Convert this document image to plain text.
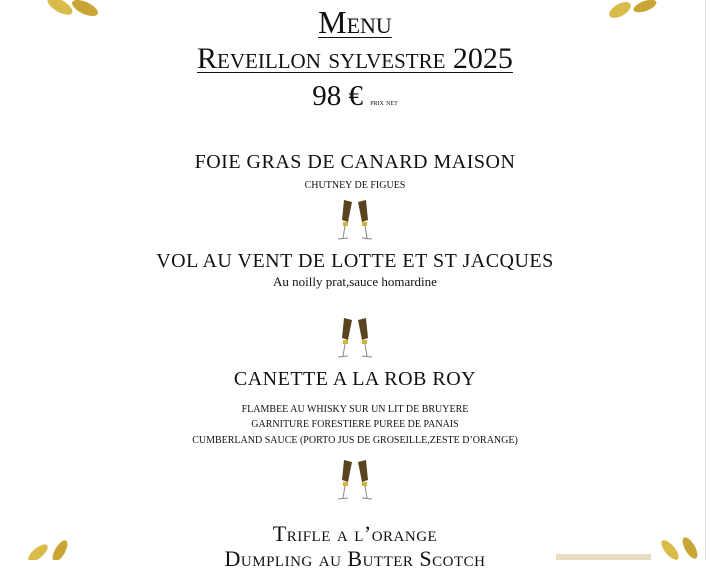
Menu
Reveillon sylvestre 2025
98 € prix net
FOIE GRAS DE CANARD MAISON
CHUTNEY DE FIGUES
VOL AU VENT DE LOTTE ET ST JACQUES
Au noilly prat,sauce homardine
CANETTE A LA ROB ROY
FLAMBEE AU WHISKY SUR UN LIT DE BRUYERE
GARNITURE FORESTIERE PUREE DE PANAIS
CUMBERLAND SAUCE (PORTO JUS DE GROSEILLE,ZESTE D’ORANGE)
Trifle a l’orange
Dumpling au Butter Scotch
